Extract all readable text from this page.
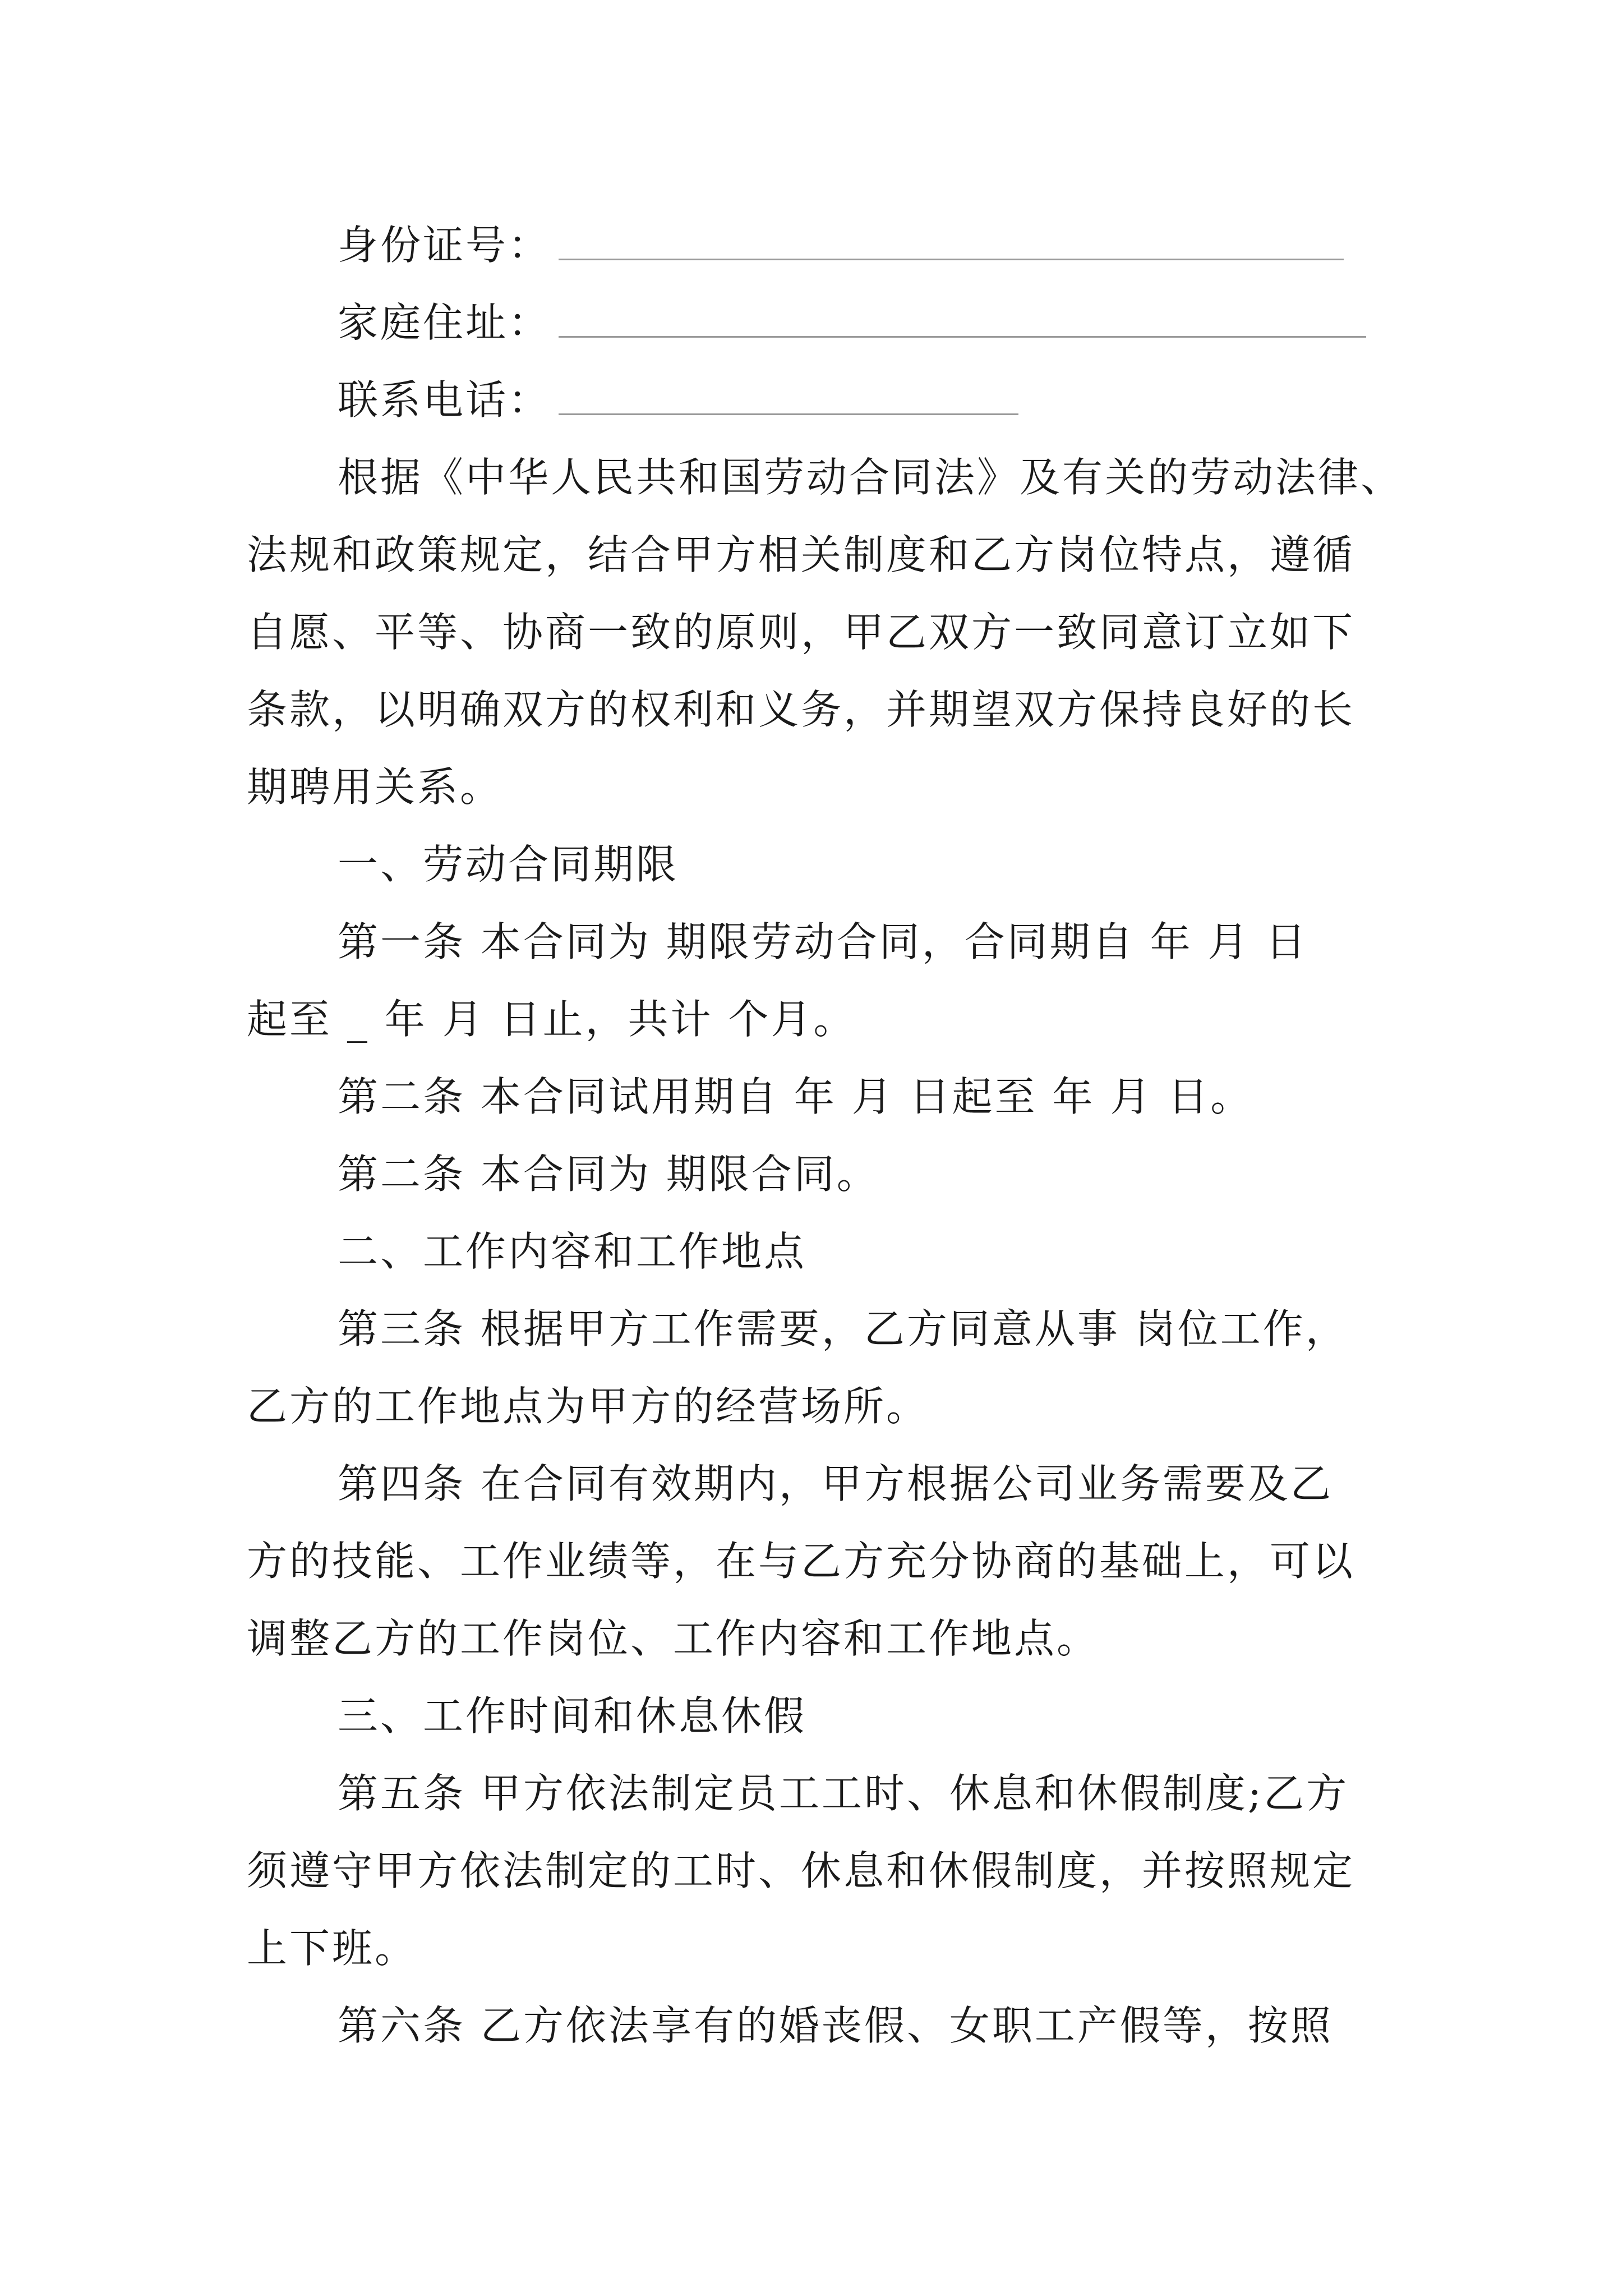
身份证号：
家庭住址：
联系电话：
根据《中华人民共和国劳动合同法》及有关的劳动法律、
法规和政策规定，结合甲方相关制度和乙方岗位特点，遵循
自愿、平等、协商一致的原则，甲乙双方一致同意订立如下
条款，以明确双方的权利和义务，并期望双方保持良好的长
期聘用关系。
一、劳动合同期限
第一条 本合同为 期限劳动合同，合同期自 年 月 日
起至 _ 年 月 日止，共计 个月。
第二条 本合同试用期自 年 月 日起至 年 月 日。
第二条 本合同为 期限合同。
二、工作内容和工作地点
第三条 根据甲方工作需要，乙方同意从事 岗位工作，
乙方的工作地点为甲方的经营场所。
第四条 在合同有效期内，甲方根据公司业务需要及乙
方的技能、工作业绩等，在与乙方充分协商的基础上，可以
调整乙方的工作岗位、工作内容和工作地点。
三、工作时间和休息休假
第五条 甲方依法制定员工工时、休息和休假制度;乙方
须遵守甲方依法制定的工时、休息和休假制度，并按照规定
上下班。
第六条 乙方依法享有的婚丧假、女职工产假等，按照
